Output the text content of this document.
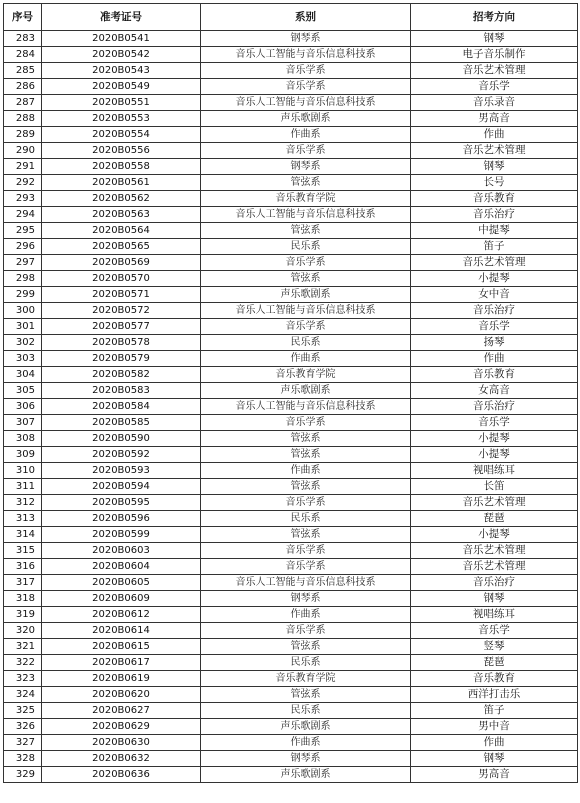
序号	准考证号	系别	招考方向
283	2020B0541	钢琴系	钢琴
284	2020B0542	音乐人工智能与音乐信息科技系	电子音乐制作
285	2020B0543	音乐学系	音乐艺术管理
286	2020B0549	音乐学系	音乐学
287	2020B0551	音乐人工智能与音乐信息科技系	音乐录音
288	2020B0553	声乐歌剧系	男高音
289	2020B0554	作曲系	作曲
290	2020B0556	音乐学系	音乐艺术管理
291	2020B0558	钢琴系	钢琴
292	2020B0561	管弦系	长号
293	2020B0562	音乐教育学院	音乐教育
294	2020B0563	音乐人工智能与音乐信息科技系	音乐治疗
295	2020B0564	管弦系	中提琴
296	2020B0565	民乐系	笛子
297	2020B0569	音乐学系	音乐艺术管理
298	2020B0570	管弦系	小提琴
299	2020B0571	声乐歌剧系	女中音
300	2020B0572	音乐人工智能与音乐信息科技系	音乐治疗
301	2020B0577	音乐学系	音乐学
302	2020B0578	民乐系	扬琴
303	2020B0579	作曲系	作曲
304	2020B0582	音乐教育学院	音乐教育
305	2020B0583	声乐歌剧系	女高音
306	2020B0584	音乐人工智能与音乐信息科技系	音乐治疗
307	2020B0585	音乐学系	音乐学
308	2020B0590	管弦系	小提琴
309	2020B0592	管弦系	小提琴
310	2020B0593	作曲系	视唱练耳
311	2020B0594	管弦系	长笛
312	2020B0595	音乐学系	音乐艺术管理
313	2020B0596	民乐系	琵琶
314	2020B0599	管弦系	小提琴
315	2020B0603	音乐学系	音乐艺术管理
316	2020B0604	音乐学系	音乐艺术管理
317	2020B0605	音乐人工智能与音乐信息科技系	音乐治疗
318	2020B0609	钢琴系	钢琴
319	2020B0612	作曲系	视唱练耳
320	2020B0614	音乐学系	音乐学
321	2020B0615	管弦系	竖琴
322	2020B0617	民乐系	琵琶
323	2020B0619	音乐教育学院	音乐教育
324	2020B0620	管弦系	西洋打击乐
325	2020B0627	民乐系	笛子
326	2020B0629	声乐歌剧系	男中音
327	2020B0630	作曲系	作曲
328	2020B0632	钢琴系	钢琴
329	2020B0636	声乐歌剧系	男高音
